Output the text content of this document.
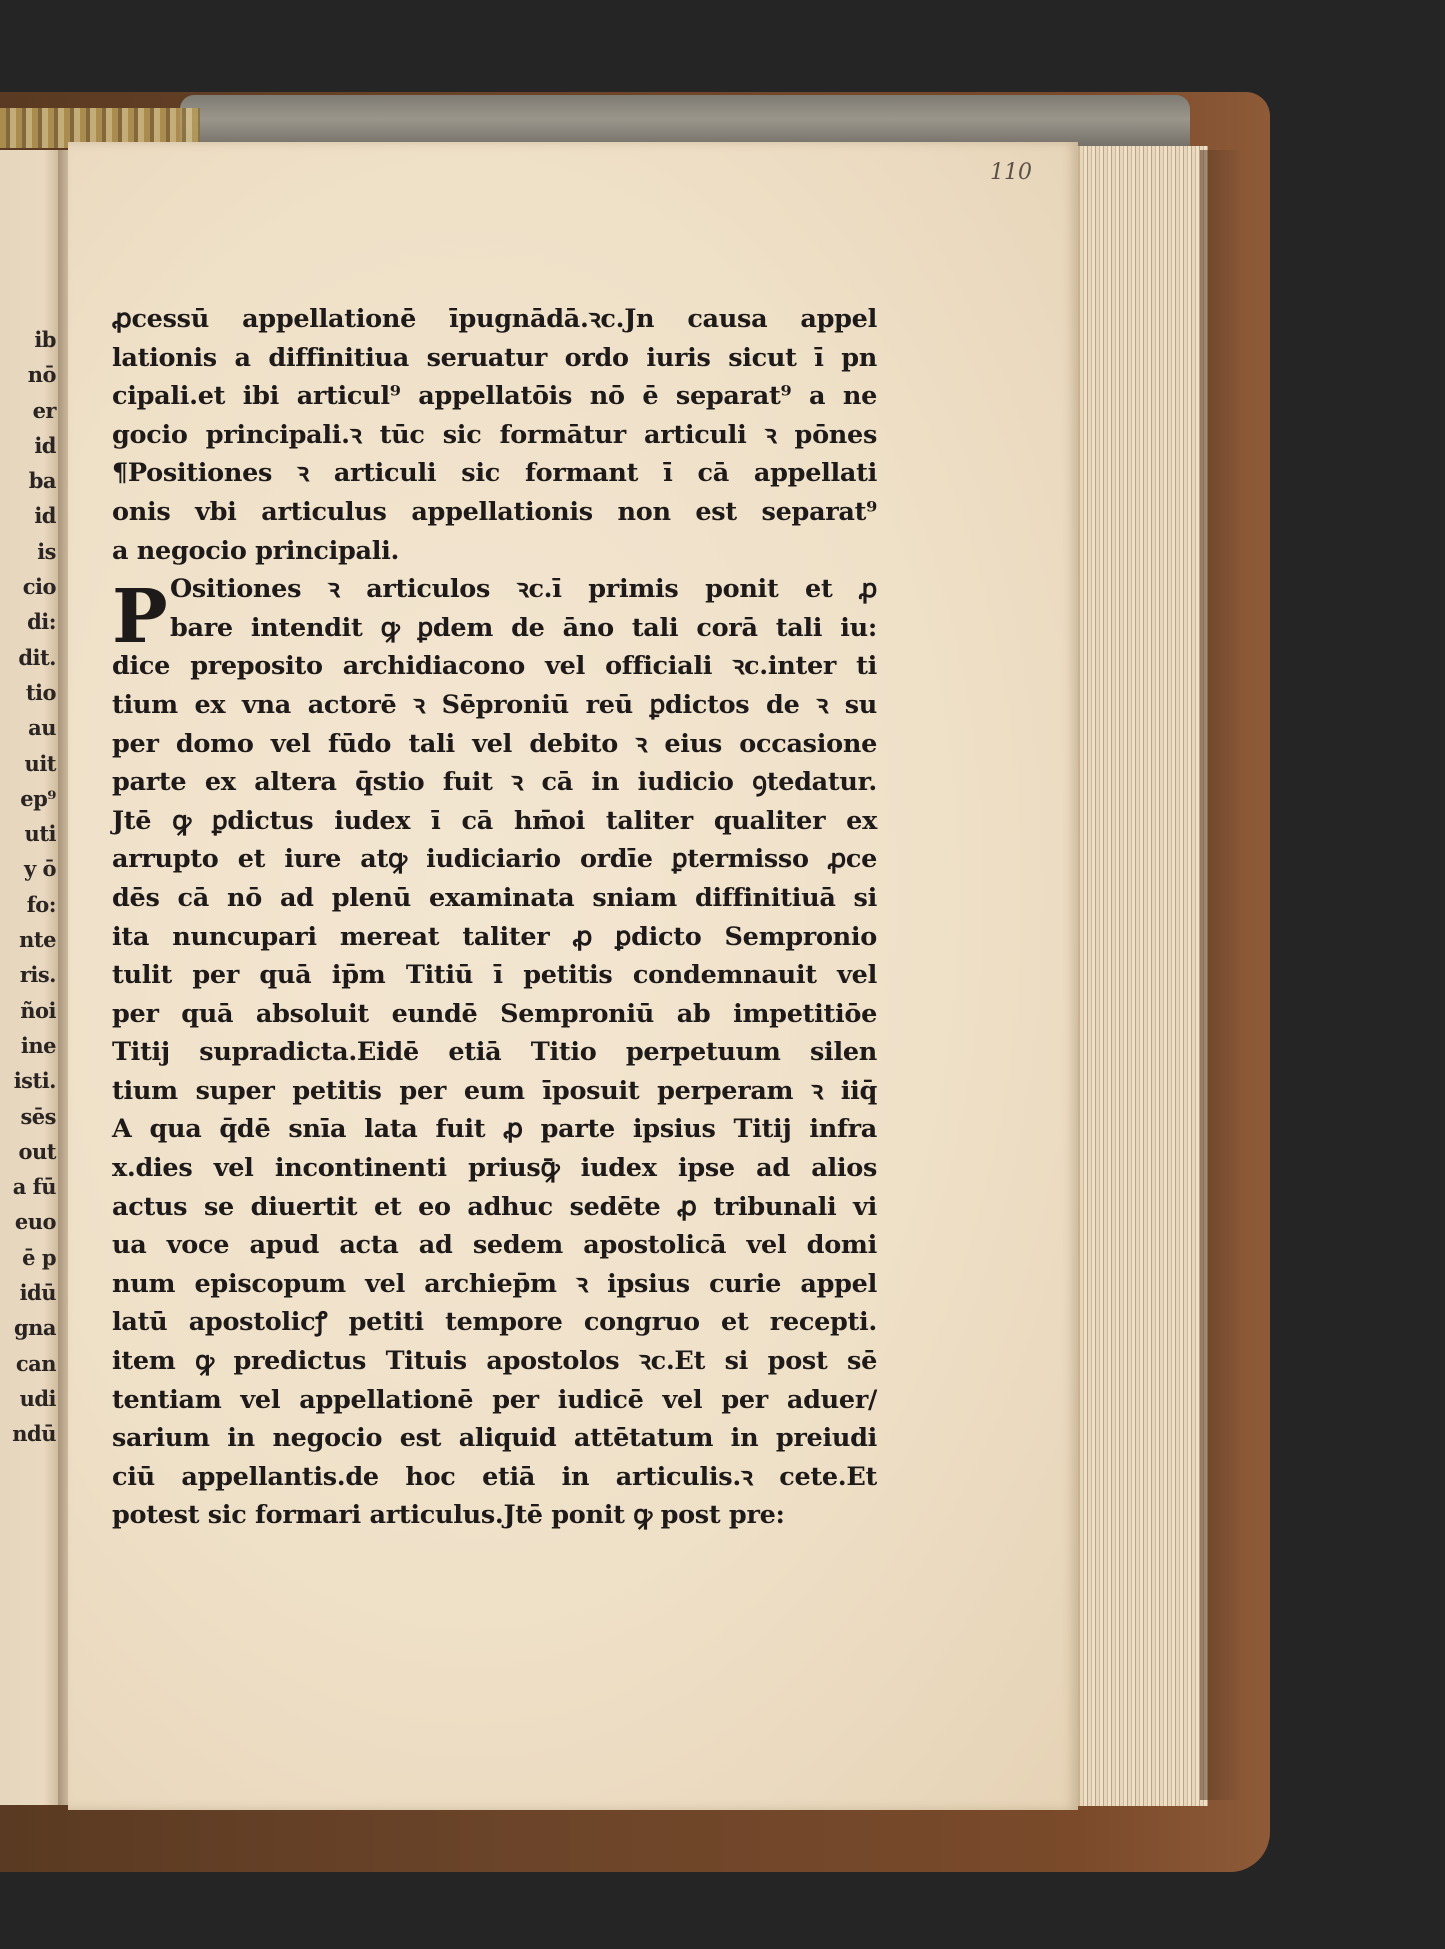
ib
nō
er
id
ba
id
is
cio
di:
dit.
tio
au
uit
ep⁹
uti
y ō
fo:
nte
ris.
ñoi
ine
isti.
sēs
out
a fū
euo
ē p
idū
gna
can
udi
ndū
110
P
ꝓcessū appellationē īpugnādā.ꝛc.Jn causa appel
lationis a diffinitiua seruatur ordo iuris sicut ī pn
cipali.et ibi articul⁹ appellatōis nō ē separat⁹ a ne
gocio principali.ꝛ tūc sic formātur articuli ꝛ pōnes
¶Positiones ꝛ articuli sic formant ī cā appellati
onis vbi articulus appellationis non est separat⁹
a negocio principali.
Ositiones ꝛ articulos ꝛc.ī primis ponit et ꝓ
bare intendit ꝙ ꝑdem de āno tali corā tali iu:
dice preposito archidiacono vel officiali ꝛc.inter ti
tium ex vna actorē ꝛ Sēproniū reū ꝑdictos de ꝛ su
per domo vel fūdo tali vel debito ꝛ eius occasione
parte ex altera q̄stio fuit ꝛ cā in iudicio ꝯtedatur.
Jtē ꝙ ꝑdictus iudex ī cā hm̄oi taliter qualiter ex
arrupto et iure atꝙ iudiciario ordīe ꝑtermisso ꝓce
dēs cā nō ad plenū examinata sniam diffinitiuā si
ita nuncupari mereat taliter ꝓ ꝑdicto Sempronio
tulit per quā ip̄m Titiū ī petitis condemnauit vel
per quā absoluit eundē Semproniū ab impetitiōe
Titij supradicta.Eidē etiā Titio perpetuum silen
tium super petitis per eum īposuit perperam ꝛ iiq̄
A qua q̄dē snīa lata fuit ꝓ parte ipsius Titij infra
x.dies vel incontinenti priusꝙ̄ iudex ipse ad alios
actus se diuertit et eo adhuc sedēte ꝓ tribunali vi
ua voce apud acta ad sedem apostolicā vel domi
num episcopum vel archiep̄m ꝛ ipsius curie appel
latū apostolicꝭ petiti tempore congruo et recepti.
item ꝙ predictus Tituis apostolos ꝛc.Et si post sē
tentiam vel appellationē per iudicē vel per aduer/
sarium in negocio est aliquid attētatum in preiudi
ciū appellantis.de hoc etiā in articulis.ꝛ cete.Et
potest sic formari articulus.Jtē ponit ꝙ post pre:
